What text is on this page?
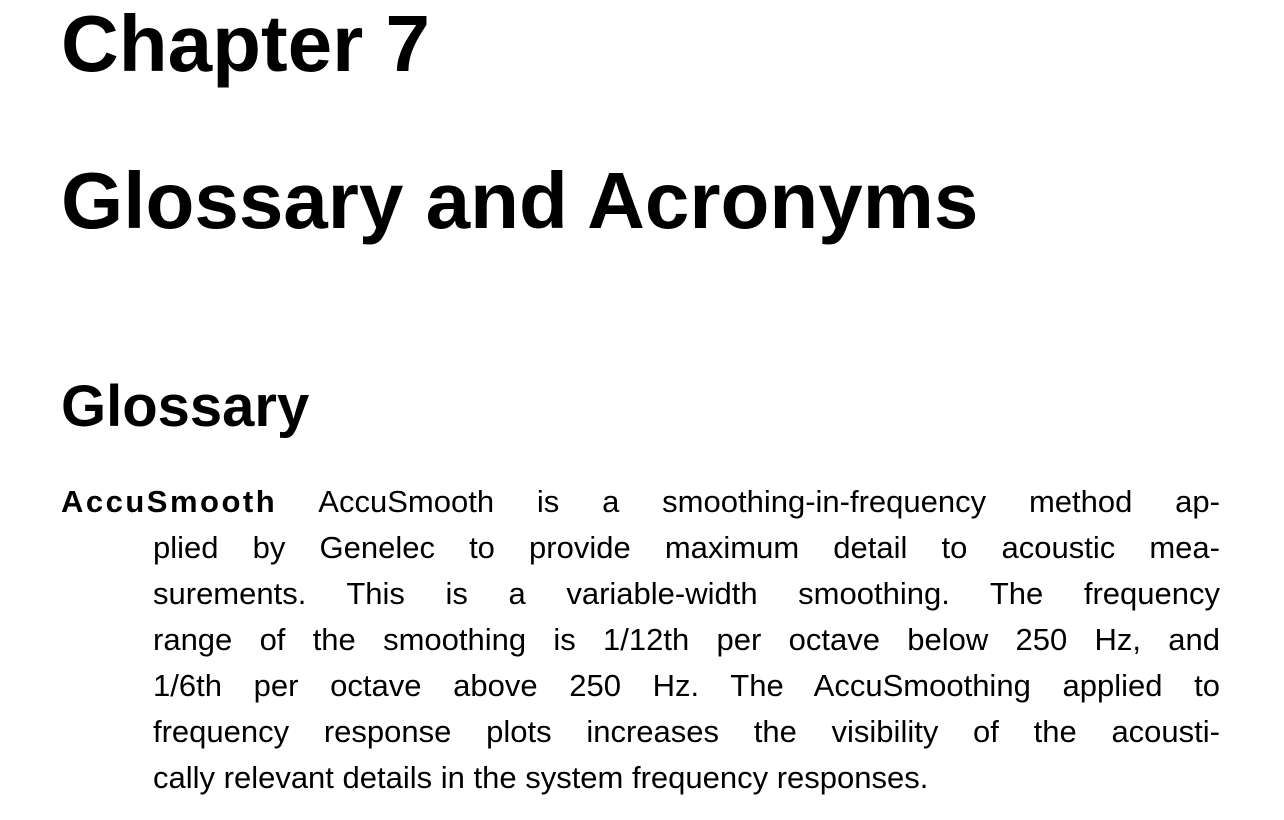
Chapter 7
Glossary and Acronyms
Glossary
AccuSmooth AccuSmooth is a smoothing-in-frequency method ap-
plied by Genelec to provide maximum detail to acoustic mea-
surements. This is a variable-width smoothing. The frequency
range of the smoothing is 1/12th per octave below 250 Hz, and
1/6th per octave above 250 Hz. The AccuSmoothing applied to
frequency response plots increases the visibility of the acousti-
cally relevant details in the system frequency responses.
